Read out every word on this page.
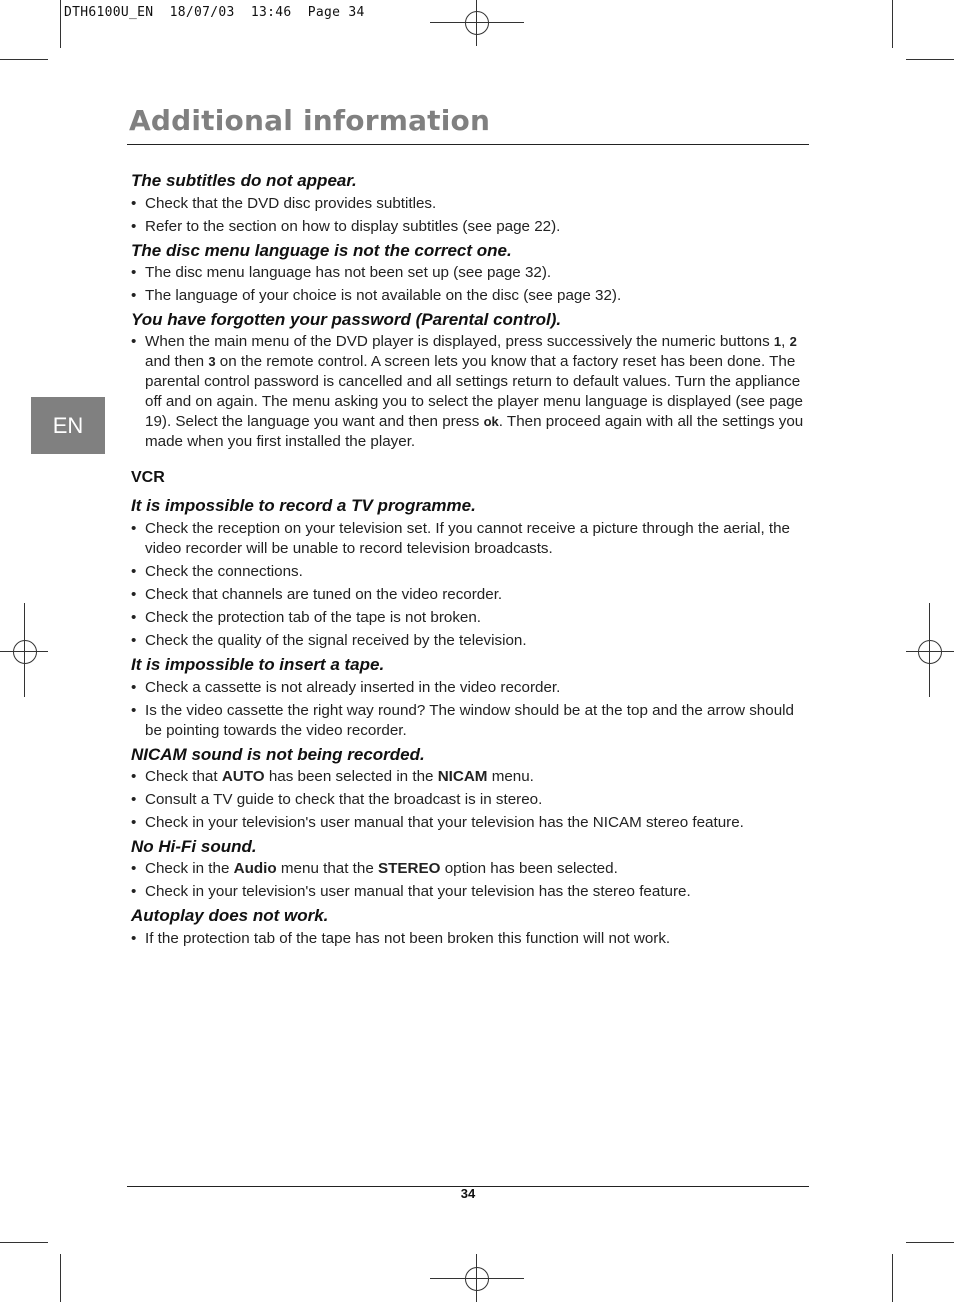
DTH6100U_EN  18/07/03  13:46  Page 34
Additional information
EN

The subtitles do not appear.

• Check that the DVD disc provides subtitles.
• Refer to the section on how to display subtitles (see page 22).

The disc menu language is not the correct one.

• The disc menu language has not been set up (see page 32).
• The language of your choice is not available on the disc (see page 32).

You have forgotten your password (Parental control).

• When the main menu of the DVD player is displayed, press successively the numeric buttons 1, 2 and then 3 on the remote control. A screen lets you know that a factory reset has been done. The parental control password is cancelled and all settings return to default values. Turn the appliance off and on again. The menu asking you to select the player menu language is displayed (see page 19). Select the language you want and then press ok. Then proceed again with all the settings you made when you first installed the player.

VCR

It is impossible to record a TV programme.

• Check the reception on your television set. If you cannot receive a picture through the aerial, the video recorder will be unable to record television broadcasts.
• Check the connections.
• Check that channels are tuned on the video recorder.
• Check the protection tab of the tape is not broken.
• Check the quality of the signal received by the television.

It is impossible to insert a tape.

• Check a cassette is not already inserted in the video recorder.
• Is the video cassette the right way round? The window should be at the top and the arrow should be pointing towards the video recorder.

NICAM sound is not being recorded.

• Check that AUTO has been selected in the NICAM menu.
• Consult a TV guide to check that the broadcast is in stereo.
• Check in your television's user manual that your television has the NICAM stereo feature.

No Hi-Fi sound.

• Check in the Audio menu that the STEREO option has been selected.
• Check in your television's user manual that your television has the stereo feature.

Autoplay does not work.

• If the protection tab of the tape has not been broken this function will not work.
34
